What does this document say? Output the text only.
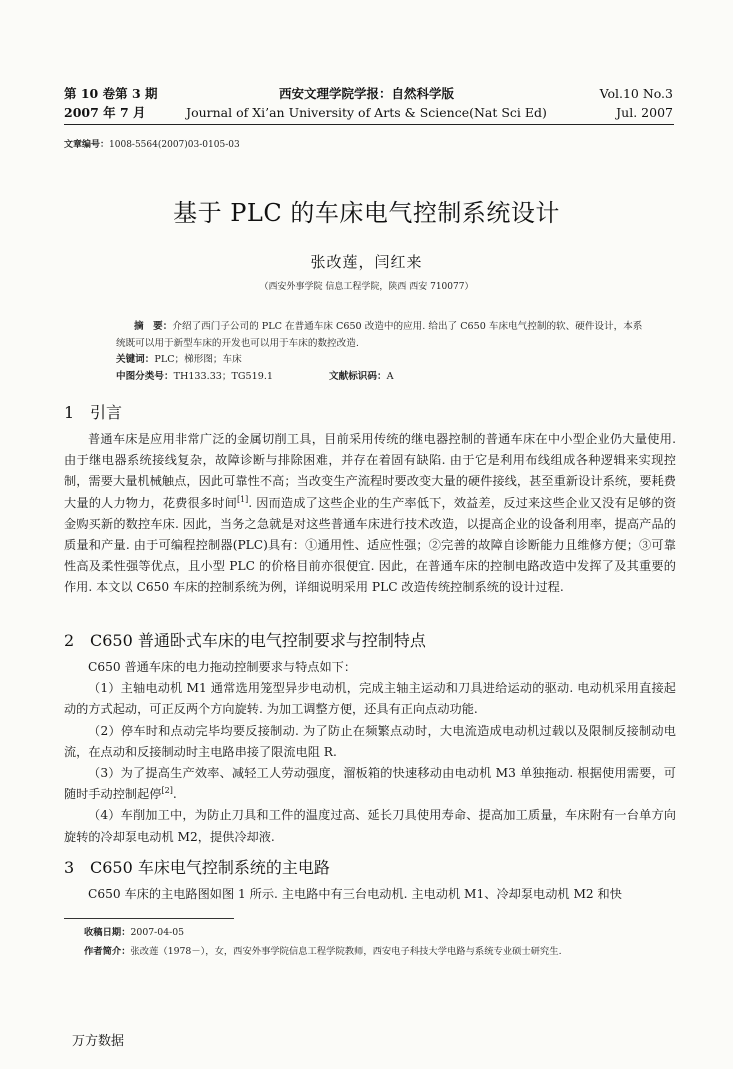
第 10 卷第 3 期
2007 年 7 月
西安文理学院学报：自然科学版
Journal of Xi’an University of Arts & Science(Nat Sci Ed)
Vol.10 No.3
Jul. 2007
文章编号：1008-5564(2007)03-0105-03
基于 PLC 的车床电气控制系统设计
张改莲，闫红来
（西安外事学院 信息工程学院，陕西 西安 710077）

摘　要：介绍了西门子公司的 PLC 在普通车床 C650 改造中的应用. 给出了 C650 车床电气控制的软、硬件设计，本系统既可以用于新型车床的开发也可以用于车床的数控改造.

关键词：PLC；梯形图；车床

中图分类号：TH133.33；TG519.1	文献标识码：A

1 引言

普通车床是应用非常广泛的金属切削工具，目前采用传统的继电器控制的普通车床在中小型企业仍大量使用. 由于继电器系统接线复杂，故障诊断与排除困难，并存在着固有缺陷. 由于它是利用布线组成各种逻辑来实现控制，需要大量机械触点，因此可靠性不高；当改变生产流程时要改变大量的硬件接线，甚至重新设计系统，要耗费大量的人力物力，花费很多时间[1]. 因而造成了这些企业的生产率低下，效益差，反过来这些企业又没有足够的资金购买新的数控车床. 因此，当务之急就是对这些普通车床进行技术改造，以提高企业的设备利用率，提高产品的质量和产量. 由于可编程控制器(PLC)具有：①通用性、适应性强；②完善的故障自诊断能力且维修方便；③可靠性高及柔性强等优点，且小型 PLC 的价格目前亦很便宜. 因此，在普通车床的控制电路改造中发挥了及其重要的作用. 本文以 C650 车床的控制系统为例，详细说明采用 PLC 改造传统控制系统的设计过程.

2 C650 普通卧式车床的电气控制要求与控制特点

C650 普通车床的电力拖动控制要求与特点如下：

（1）主轴电动机 M1 通常选用笼型异步电动机，完成主轴主运动和刀具进给运动的驱动. 电动机采用直接起动的方式起动，可正反两个方向旋转. 为加工调整方便，还具有正向点动功能.

（2）停车时和点动完毕均要反接制动. 为了防止在频繁点动时，大电流造成电动机过载以及限制反接制动电流，在点动和反接制动时主电路串接了限流电阻 R.

（3）为了提高生产效率、减轻工人劳动强度，溜板箱的快速移动由电动机 M3 单独拖动. 根据使用需要，可随时手动控制起停[2].

（4）车削加工中，为防止刀具和工件的温度过高、延长刀具使用寿命、提高加工质量，车床附有一台单方向旋转的冷却泵电动机 M2，提供冷却液.

3 C650 车床电气控制系统的主电路

C650 车床的主电路图如图 1 所示. 主电路中有三台电动机. 主电动机 M1、冷却泵电动机 M2 和快

收稿日期：2007-04-05
作者简介：张改莲（1978－），女，西安外事学院信息工程学院教师，西安电子科技大学电路与系统专业硕士研究生.
万方数据
